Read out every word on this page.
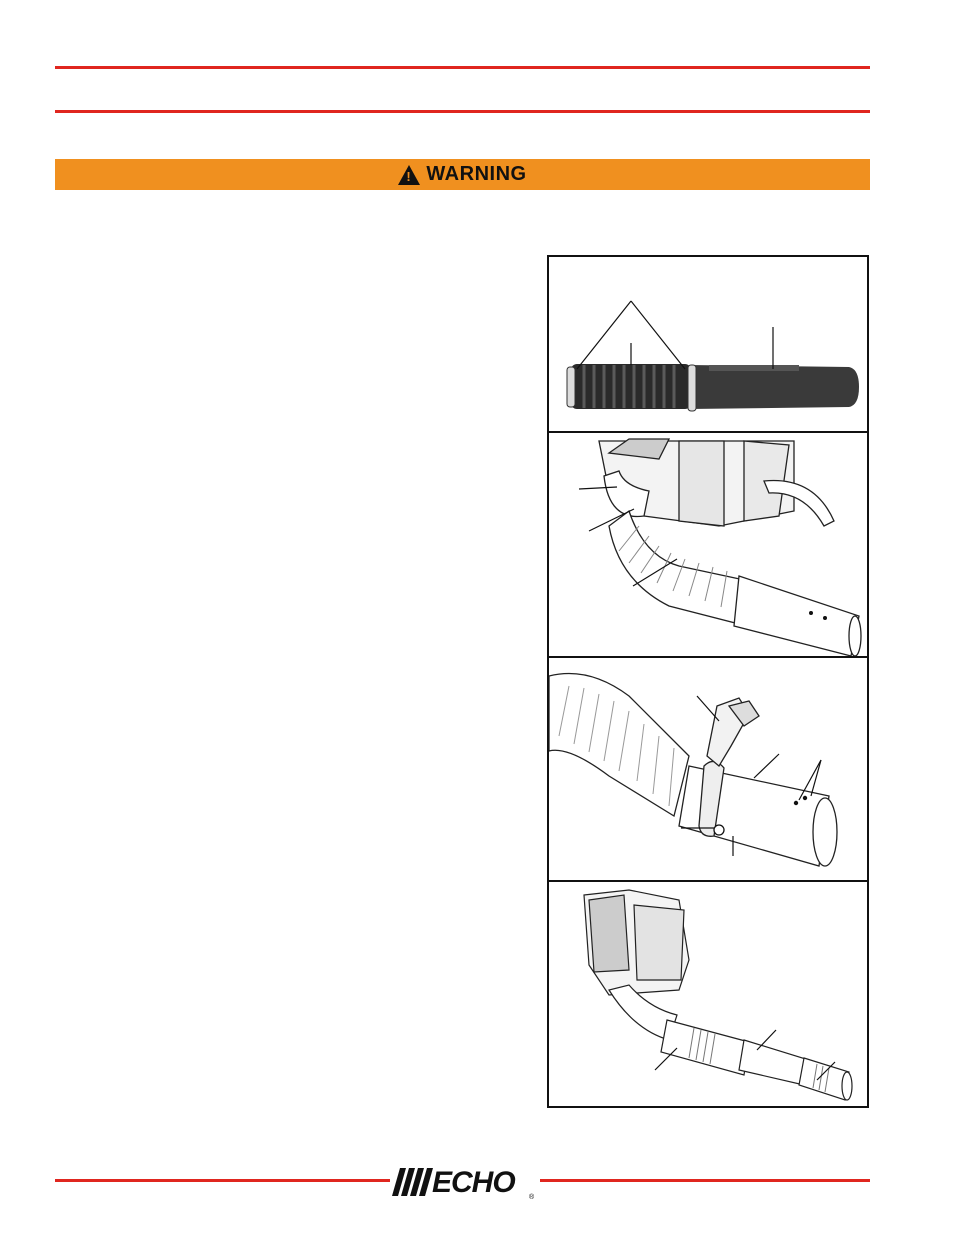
! WARNING
ECHO ®
